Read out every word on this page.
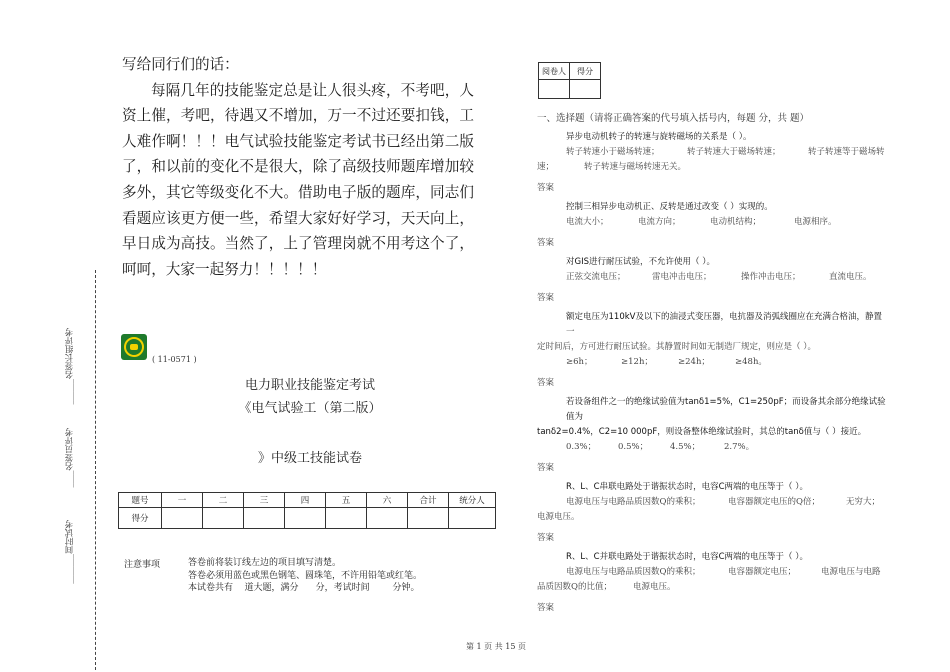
写给同行们的话：

每隔几年的技能鉴定总是让人很头疼，不考吧，人资上催，考吧，待遇又不增加，万一不过还要扣钱，工人难作啊！！！电气试验技能鉴定考试书已经出第二版了，和以前的变化不是很大，除了高级技师题库增加较多外，其它等级变化不大。借助电子版的题库，同志们看题应该更方便一些，希望大家好好学习，天天向上，早日成为高技。当然了，上了管理岗就不用考这个了，呵呵，大家一起努力！！！！！

______名签长组评考
____名签员评考
_______间时试考
( 11-0571 )
电力职业技能鉴定考试
《电气试验工（第二版）
》中级工技能试卷
题号	一	二	三	四	五	六	合计	统分人
得分								
注意事项	答卷前将装订线左边的项目填写清楚。
答卷必须用蓝色或黑色钢笔、圆珠笔，不许用铅笔或红笔。
本试卷共有    道大题，满分      分，考试时间        分钟。
阅卷人	得分

一、选择题（请将正确答案的代号填入括号内，每题 分，共 题）
异步电动机转子的转速与旋转磁场的关系是（ ）。
转子转速小于磁场转速；	转子转速大于磁场转速；	转子转速等于磁场转
速；	转子转速与磁场转速无关。
答案
控制三相异步电动机正、反转是通过改变（ ）实现的。
电流大小；	电流方向；	电动机结构；	电源相序。
答案
对GIS进行耐压试验，不允许使用（ ）。
正弦交流电压；	雷电冲击电压；	操作冲击电压；	直流电压。
答案
额定电压为110kV及以下的油浸式变压器，电抗器及消弧线圈应在充满合格油，静置一
定时间后，方可进行耐压试验。其静置时间如无制造厂规定，则应是（ ）。
≥6h；	≥12h；	≥24h；	≥48h。
答案
若设备组件之一的绝缘试验值为tanδ1=5%，C1=250pF；而设备其余部分绝缘试验值为
tanδ2=0.4%，C2=10 000pF，则设备整体绝缘试验时，其总的tanδ值与（ ）接近。
0.3%；	0.5%；	4.5%；	2.7%。
答案
R、L、C串联电路处于谐振状态时，电容C两端的电压等于（ ）。
电源电压与电路品质因数Q的乘积；	电容器额定电压的Q倍；	无穷大；
电源电压。
答案
R、L、C并联电路处于谐振状态时，电容C两端的电压等于（ ）。
电源电压与电路品质因数Q的乘积；	电容器额定电压；	电源电压与电路
品质因数Q的比值； 电源电压。
答案
第 1 页 共 15 页
